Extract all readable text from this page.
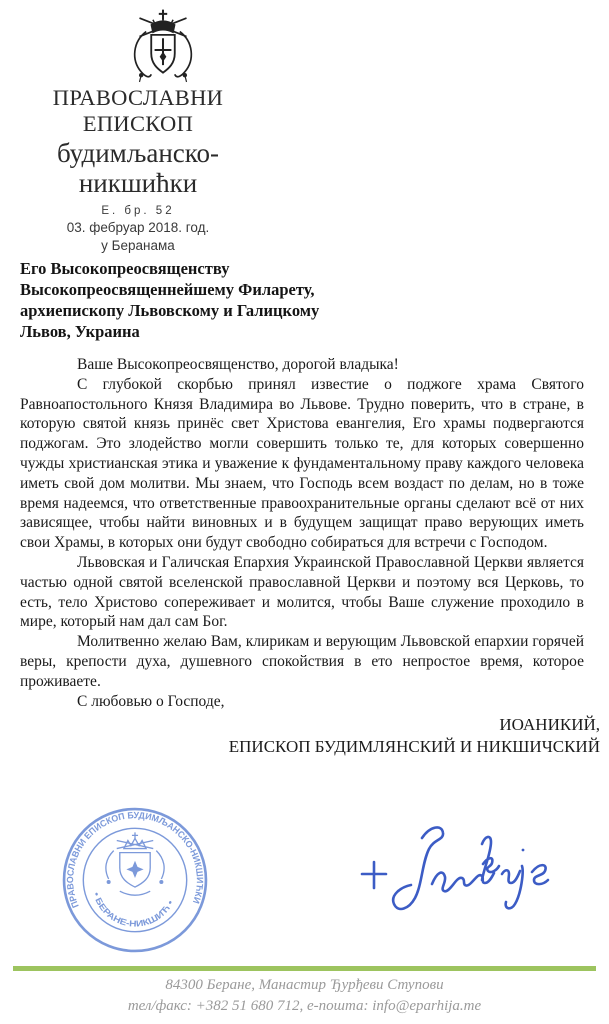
ПРАВОСЛАВНИ ЕПИСКОП
будимљанско-никшићки
Е. бр. 52
03. фебруар 2018. год.
у Беранама
Его Высокопреосвященству
Высокопреосвященнейшему Филарету,
архиепископу Львовскому и Галицкому
Львов, Украина

Ваше Высокопреосвященство, дорогой владыка!

С глубокой скорбью принял известие о поджоге храма Святого Равноапостольного Князя Владимира во Львове. Трудно поверить, что в стране, в которую святой князь принёс свет Христова евангелия, Его храмы подвергаются поджогам. Это злодейство могли совершить только те, для которых совершенно чужды христианская этика и уважение к фундаментальному праву каждого человека иметь свой дом молитви. Мы знаем, что Господь всем воздаст по делам, но в тоже время надеемся, что ответственные правоохранительные органы сделают всё от них зависящее, чтобы найти виновных и в будущем защищат право верующих иметь свои Храмы, в которых они будут свободно собираться для встречи с Господом.

Львовская и Галичская Епархия Украинской Православной Церкви является частью одной святой вселенской православной Церкви и поэтому вся Церковь, то есть, тело Христово сопереживает и молится, чтобы Ваше служение проходило в мире, который нам дал сам Бог.

Молитвенно желаю Вам, клирикам и верующим Львовской епархии горячей веры, крепости духа, душевного спокойствия в ето непростое время, которое проживаете.

С любовью о Господе,

ИОАНИКИЙ,
ЕПИСКОП БУДИМЛЯНСКИЙ И НИКШИЧСКИЙ
ПРАВОСЛАВНИ ЕПИСКОП БУДИМЉАНСКО-НИКШИЋКИ
• БЕРАНЕ-НИКШИЋ •
84300 Беране, Манастир Ђурђеви Ступови
тел/факс: +382 51 680 712, е-пошта: info@eparhija.me
